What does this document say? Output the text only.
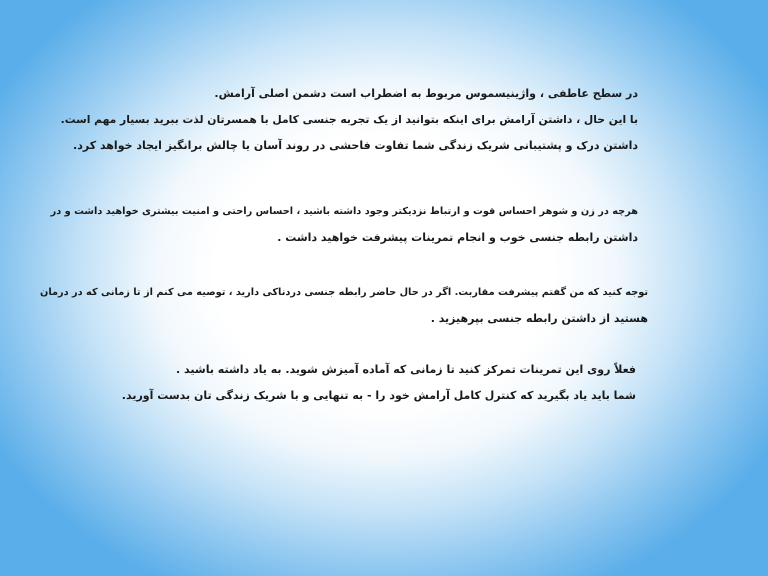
در سطح عاطفی ، واژینیسموس مربوط به اضطراب است دشمن اصلی آرامش.

با این حال ، داشتن آرامش برای اینکه بتوانید از یک تجربه جنسی کامل با همسرتان لذت ببرید بسیار مهم است.

داشتن درک و پشتیبانی شریک زندگی شما تفاوت فاحشی در روند آسان یا چالش برانگیز ایجاد خواهد کرد.

هرچه در زن و شوهر احساس قوت و ارتباط نزدیکتر وجود داشته باشید ، احساس راحتی و امنیت بیشتری خواهید داشت و در

داشتن رابطه جنسی خوب و انجام تمرینات پیشرفت خواهید داشت .

توجه کنید که من گفتم پیشرفت مقاربت. اگر در حال حاضر رابطه جنسی دردناکی دارید ، توصیه می کنم از تا زمانی که در درمان

هستید از داشتن رابطه جنسی بپرهیزید .

فعلاً روی این تمرینات تمرکز کنید تا زمانی که آماده آمیزش شوید. به یاد داشته باشید .

شما باید یاد بگیرید که کنترل کامل آرامش خود را - به تنهایی و با شریک زندگی تان بدست آورید.
